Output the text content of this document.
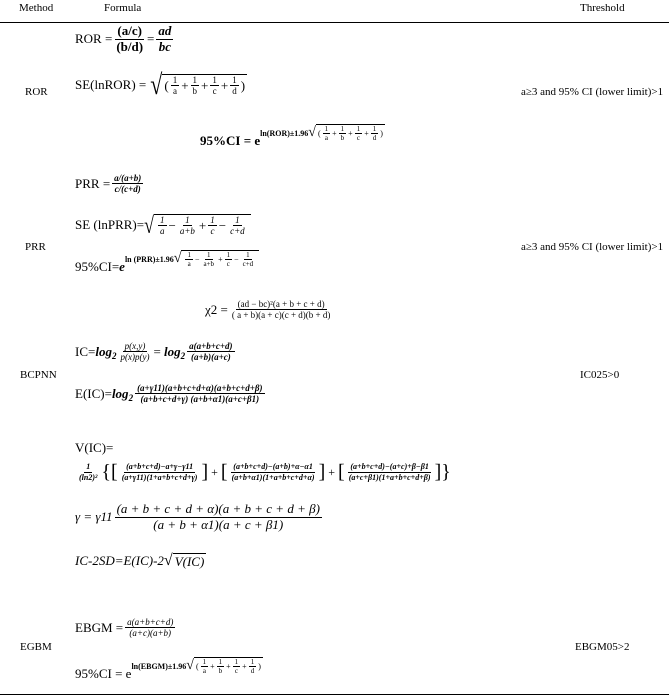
Method	Formula	Threshold
ROR
PRR
BCPNN
EGBM
a≥3 and 95% CI (lower limit)>1
a≥3 and 95% CI (lower limit)>1
IC025>0
EBGM05>2
ROR = $\frac{(a/c)}{(b/d)} = \frac{ad}{bc}$
SE(lnROR) = √ ( $\frac{1}{a} + \frac{1}{b} + \frac{1}{c} + \frac{1}{d}$ )
95%CI = e ln(ROR)±1.96 √ ( $\frac{1}{a} + \frac{1}{b} + \frac{1}{c} + \frac{1}{d}$ )
PRR = $\frac{a/(a+b)}{c/(c+d)}$
SE (lnPRR)= √ $\frac{1}{a} - \frac{1}{a+b} + \frac{1}{c} - \frac{1}{c+d}$
95%CI= e ln (PRR)±1.96 √ $\frac{1}{a} - \frac{1}{a+b} + \frac{1}{c} - \frac{1}{c+d}$
$\chi 2 = \frac{\text{(ad − bc)²(a + b + c + d)}}{( a + b)(a + c)(c + d)(b + d)}$
$IC= \log 2 \frac{p(x,y)}{p(x)p(y)} = \log 2 \frac{a(a+b+c+d)}{(a+b)(a+c)}$
$E(IC)= \log 2 \frac{(a+\gamma 11)(a+b+c+d+\alpha)(a+b+c+d+\beta)}{(a+b+c+d+\gamma) (a+b+\alpha 1)(a+c+\beta 1)}$
V(IC)=
$\frac{1}{\text{(ln2)²}}$ { [ $\frac{(a+b+c+d)-a+\gamma-\gamma 11}{(a+\gamma 11)(1+a+b+c+d+\gamma)}$ ] + [ $\frac{(a+b+c+d)-(a+b)+\alpha-\alpha 1}{(a+b+\alpha 1)(1+a+b+c+d+\alpha)}$ ] + [ $\frac{(a+b+c+d)-(a+c)+\beta-\beta 1}{(a+c+\beta 1)(1+a+b+c+d+\beta)}$ ] }
$\gamma = \gamma 11 \frac{(a + b + c + d + \alpha)(a + b + c + d + \beta)}{(a + b + \alpha 1)(a + c + \beta 1)}$
IC-2SD=E(IC)-2 √ V(IC)
EBGM = $\frac{a(a+b+c+d)}{(a+c)(a+b)}$
95%CI = e ln(EBGM)±1.96 √ ( $\frac{1}{a} + \frac{1}{b} + \frac{1}{c} + \frac{1}{d}$ )
